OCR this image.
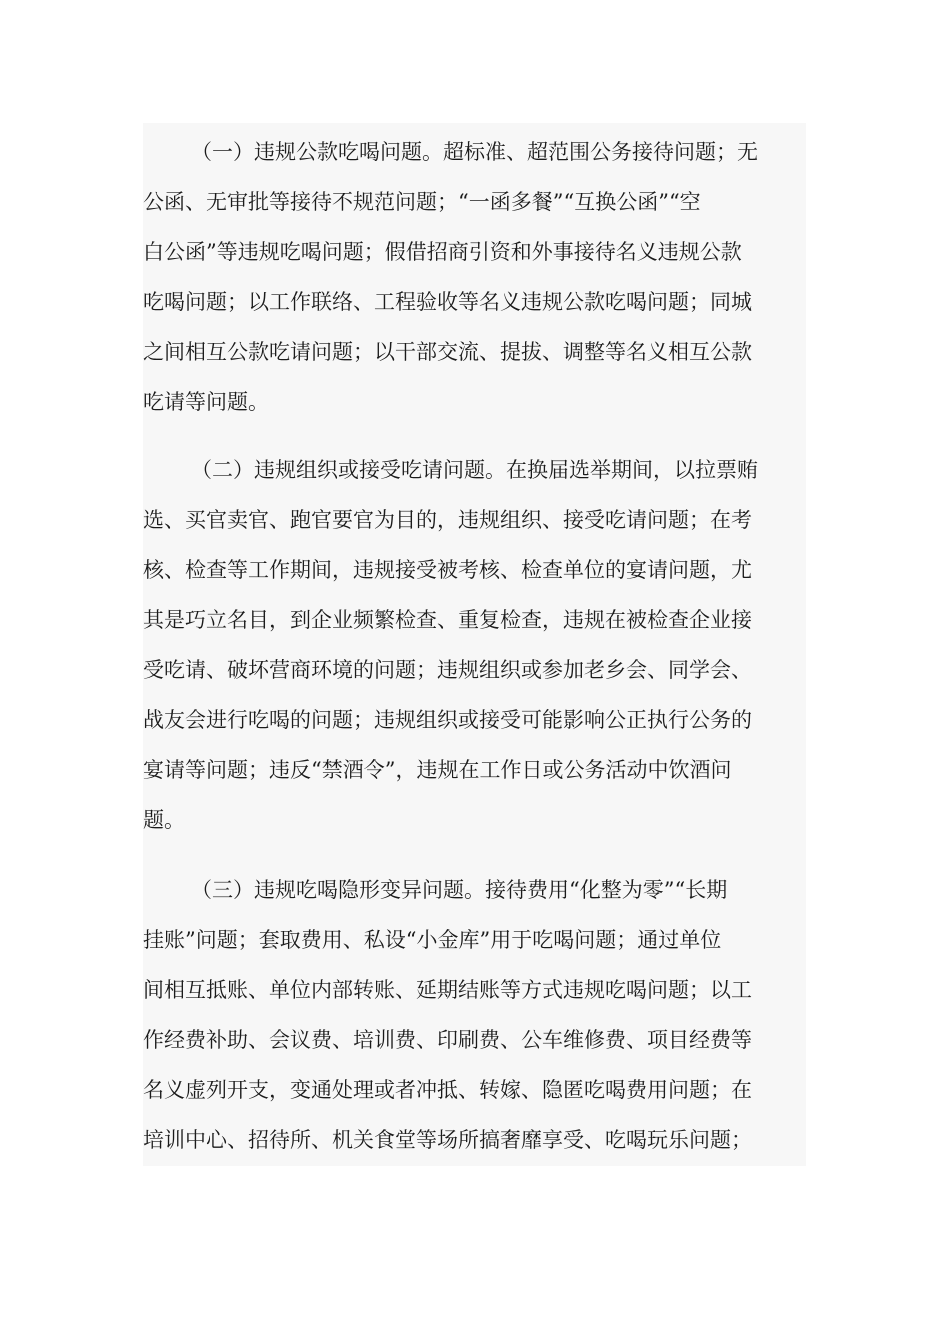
（一）违规公款吃喝问题。超标准、超范围公务接待问题；无
公函、无审批等接待不规范问题；“一函多餐”“互换公函”“空
白公函”等违规吃喝问题；假借招商引资和外事接待名义违规公款
吃喝问题；以工作联络、工程验收等名义违规公款吃喝问题；同城
之间相互公款吃请问题；以干部交流、提拔、调整等名义相互公款
吃请等问题。
（二）违规组织或接受吃请问题。在换届选举期间，以拉票贿
选、买官卖官、跑官要官为目的，违规组织、接受吃请问题；在考
核、检查等工作期间，违规接受被考核、检查单位的宴请问题，尤
其是巧立名目，到企业频繁检查、重复检查，违规在被检查企业接
受吃请、破坏营商环境的问题；违规组织或参加老乡会、同学会、
战友会进行吃喝的问题；违规组织或接受可能影响公正执行公务的
宴请等问题；违反“禁酒令”，违规在工作日或公务活动中饮酒问
题。
（三）违规吃喝隐形变异问题。接待费用“化整为零”“长期
挂账”问题；套取费用、私设“小金库”用于吃喝问题；通过单位
间相互抵账、单位内部转账、延期结账等方式违规吃喝问题；以工
作经费补助、会议费、培训费、印刷费、公车维修费、项目经费等
名义虚列开支，变通处理或者冲抵、转嫁、隐匿吃喝费用问题；在
培训中心、招待所、机关食堂等场所搞奢靡享受、吃喝玩乐问题；
